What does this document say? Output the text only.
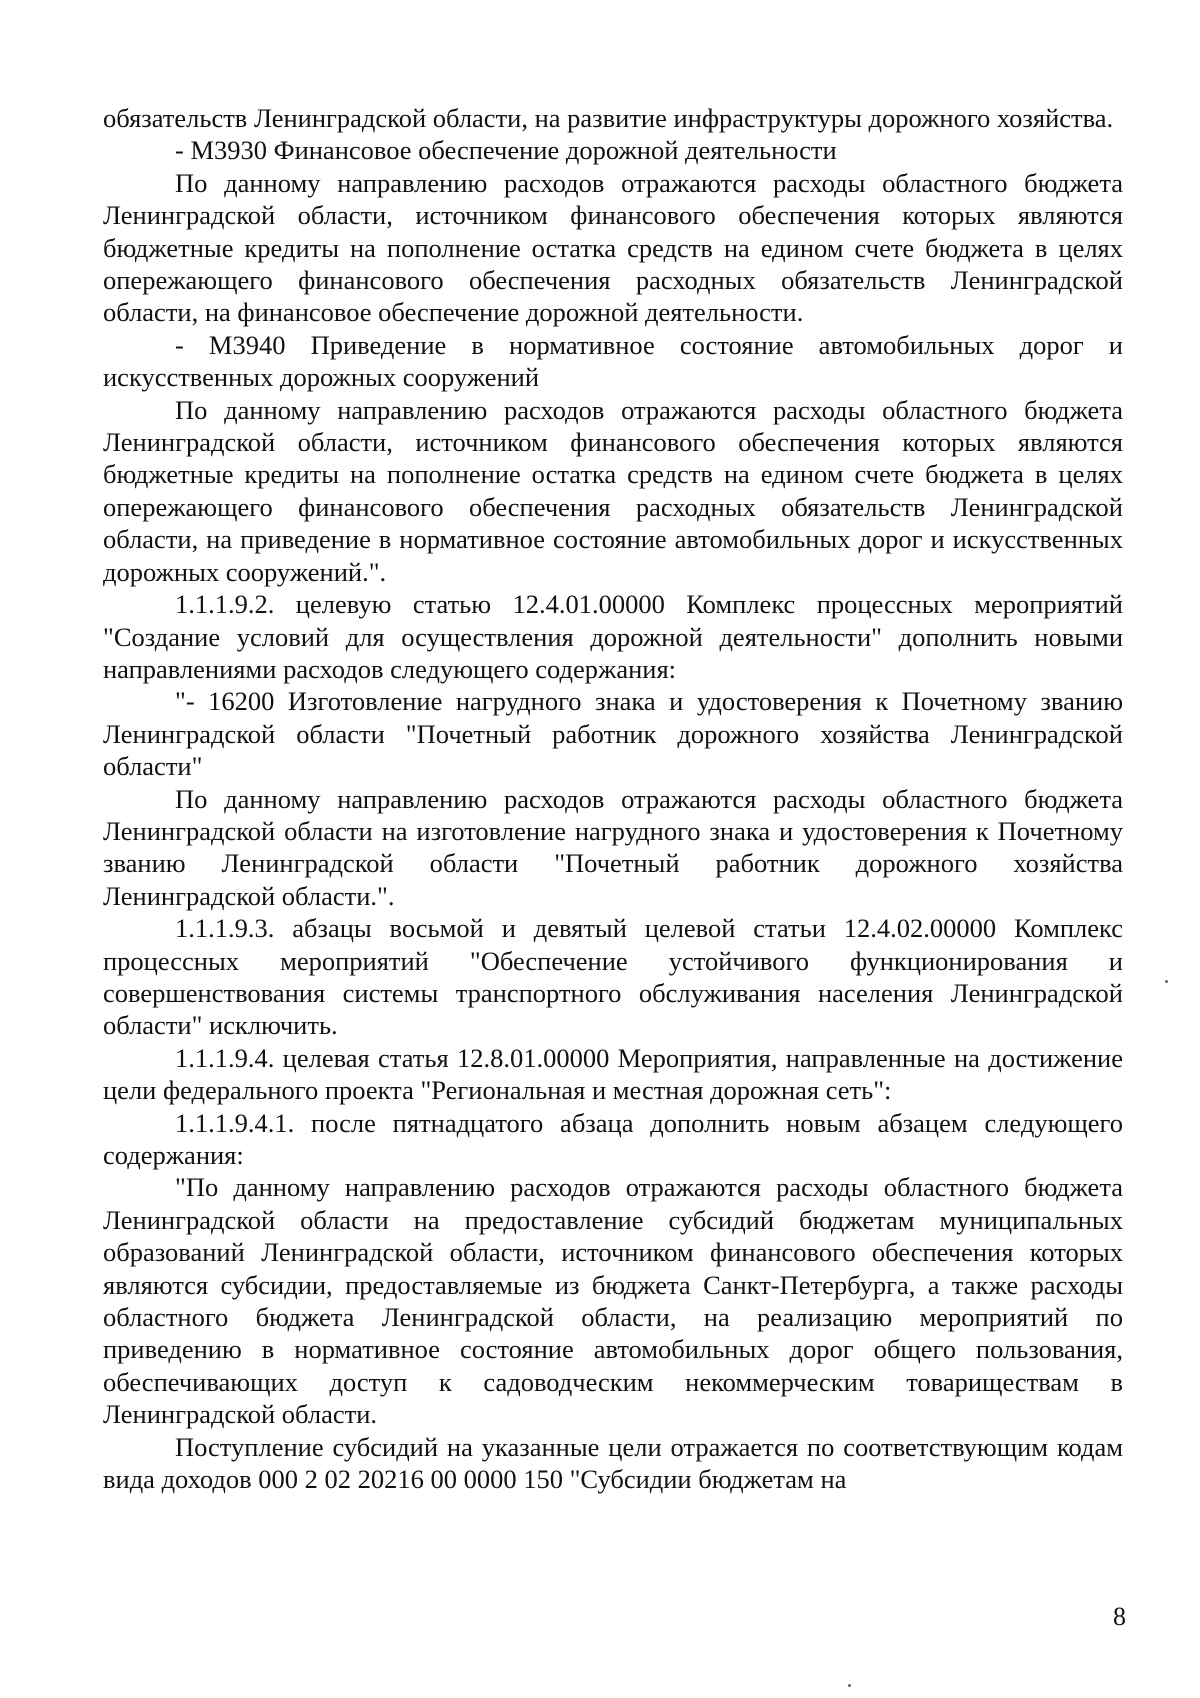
обязательств Ленинградской области, на развитие инфраструктуры дорожного хозяйства.

- М3930 Финансовое обеспечение дорожной деятельности

По данному направлению расходов отражаются расходы областного бюджета Ленинградской области, источником финансового обеспечения которых являются бюджетные кредиты на пополнение остатка средств на едином счете бюджета в целях опережающего финансового обеспечения расходных обязательств Ленинградской области, на финансовое обеспечение дорожной деятельности.

- М3940 Приведение в нормативное состояние автомобильных дорог и искусственных дорожных сооружений

По данному направлению расходов отражаются расходы областного бюджета Ленинградской области, источником финансового обеспечения которых являются бюджетные кредиты на пополнение остатка средств на едином счете бюджета в целях опережающего финансового обеспечения расходных обязательств Ленинградской области, на приведение в нормативное состояние автомобильных дорог и искусственных дорожных сооружений.".

1.1.1.9.2. целевую статью 12.4.01.00000 Комплекс процессных мероприятий "Создание условий для осуществления дорожной деятельности" дополнить новыми направлениями расходов следующего содержания:

"- 16200 Изготовление нагрудного знака и удостоверения к Почетному званию Ленинградской области "Почетный работник дорожного хозяйства Ленинградской области"

По данному направлению расходов отражаются расходы областного бюджета Ленинградской области на изготовление нагрудного знака и удостоверения к Почетному званию Ленинградской области "Почетный работник дорожного хозяйства Ленинградской области.".

1.1.1.9.3. абзацы восьмой и девятый целевой статьи 12.4.02.00000 Комплекс процессных мероприятий "Обеспечение устойчивого функционирования и совершенствования системы транспортного обслуживания населения Ленинградской области" исключить.

1.1.1.9.4. целевая статья 12.8.01.00000 Мероприятия, направленные на достижение цели федерального проекта "Региональная и местная дорожная сеть":

1.1.1.9.4.1. после пятнадцатого абзаца дополнить новым абзацем следующего содержания:

"По данному направлению расходов отражаются расходы областного бюджета Ленинградской области на предоставление субсидий бюджетам муниципальных образований Ленинградской области, источником финансового обеспечения которых являются субсидии, предоставляемые из бюджета Санкт-Петербурга, а также расходы областного бюджета Ленинградской области, на реализацию мероприятий по приведению в нормативное состояние автомобильных дорог общего пользования, обеспечивающих доступ к садоводческим некоммерческим товариществам в Ленинградской области.

Поступление субсидий на указанные цели отражается по соответствующим кодам вида доходов 000 2 02 20216 00 0000 150 "Субсидии бюджетам на

8
